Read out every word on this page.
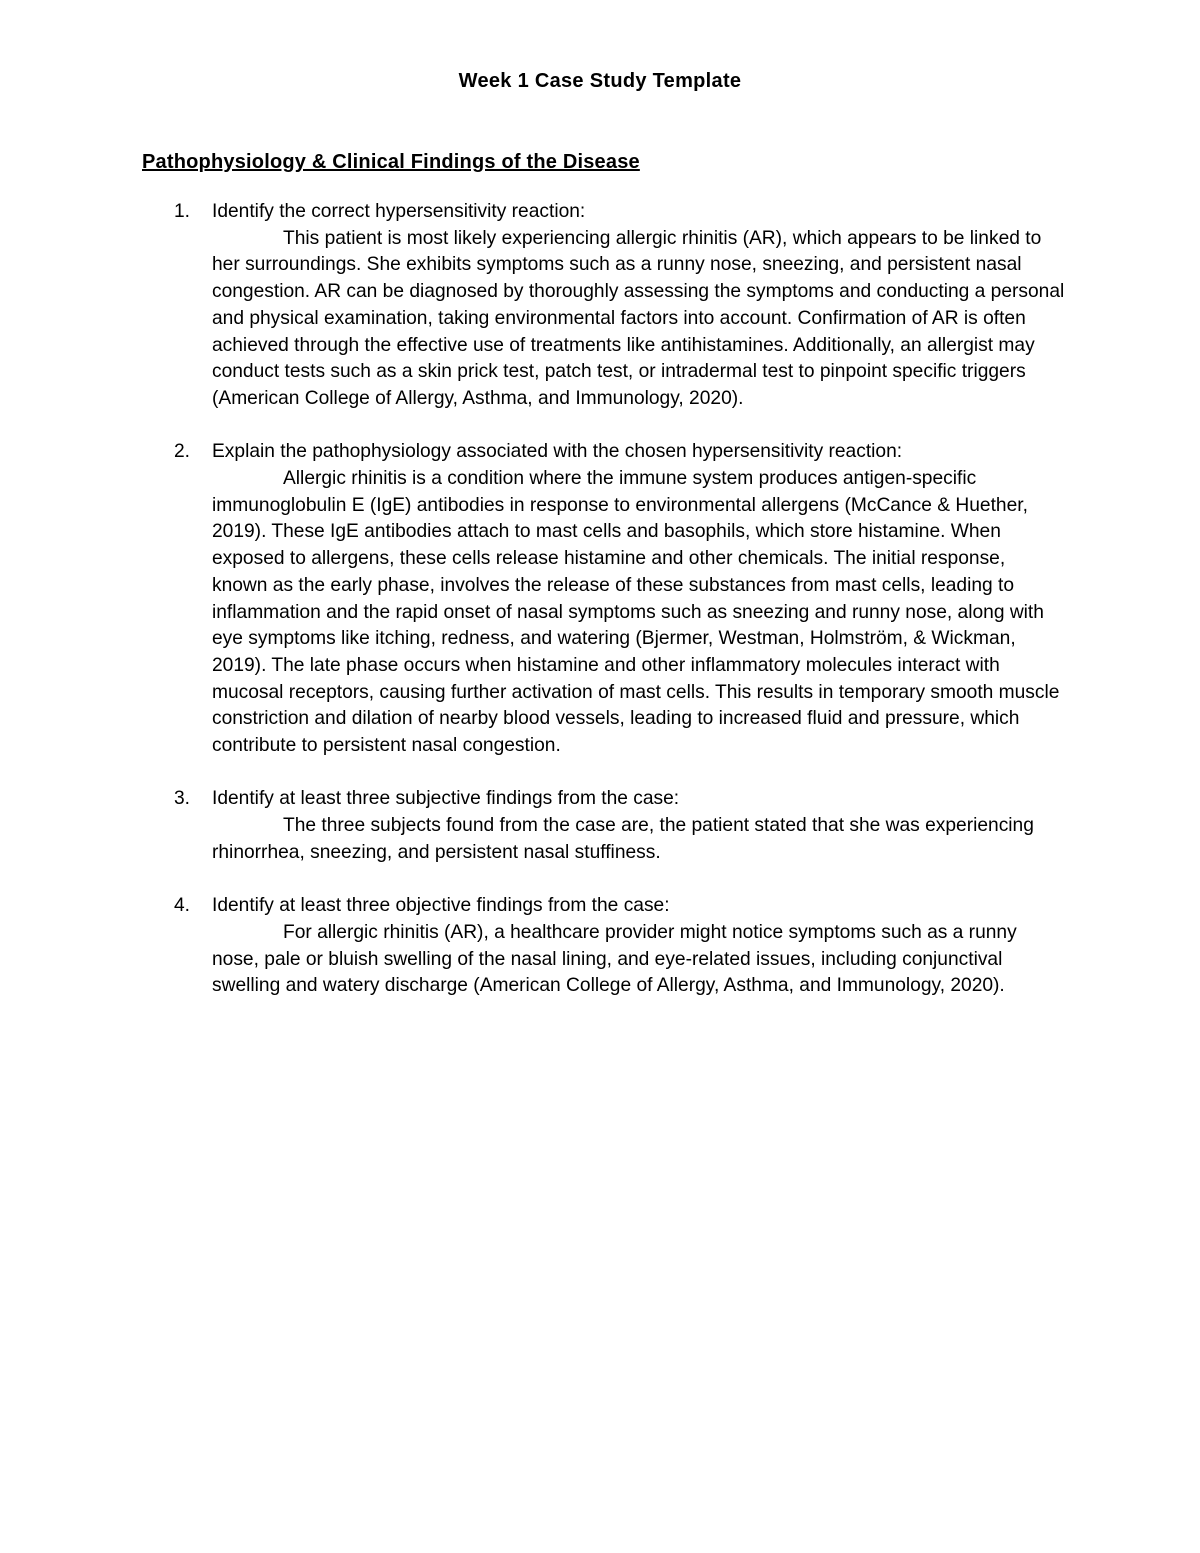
Week 1 Case Study Template
Pathophysiology & Clinical Findings of the Disease
1. Identify the correct hypersensitivity reaction:

This patient is most likely experiencing allergic rhinitis (AR), which appears to be linked to her surroundings. She exhibits symptoms such as a runny nose, sneezing, and persistent nasal congestion. AR can be diagnosed by thoroughly assessing the symptoms and conducting a personal and physical examination, taking environmental factors into account. Confirmation of AR is often achieved through the effective use of treatments like antihistamines. Additionally, an allergist may conduct tests such as a skin prick test, patch test, or intradermal test to pinpoint specific triggers (American College of Allergy, Asthma, and Immunology, 2020).

2. Explain the pathophysiology associated with the chosen hypersensitivity reaction:

Allergic rhinitis is a condition where the immune system produces antigen-specific immunoglobulin E (IgE) antibodies in response to environmental allergens (McCance & Huether, 2019). These IgE antibodies attach to mast cells and basophils, which store histamine. When exposed to allergens, these cells release histamine and other chemicals. The initial response, known as the early phase, involves the release of these substances from mast cells, leading to inflammation and the rapid onset of nasal symptoms such as sneezing and runny nose, along with eye symptoms like itching, redness, and watering (Bjermer, Westman, Holmström, & Wickman, 2019). The late phase occurs when histamine and other inflammatory molecules interact with mucosal receptors, causing further activation of mast cells. This results in temporary smooth muscle constriction and dilation of nearby blood vessels, leading to increased fluid and pressure, which contribute to persistent nasal congestion.

3. Identify at least three subjective findings from the case:

The three subjects found from the case are, the patient stated that she was experiencing rhinorrhea, sneezing, and persistent nasal stuffiness.

4. Identify at least three objective findings from the case:

For allergic rhinitis (AR), a healthcare provider might notice symptoms such as a runny nose, pale or bluish swelling of the nasal lining, and eye-related issues, including conjunctival swelling and watery discharge (American College of Allergy, Asthma, and Immunology, 2020).
